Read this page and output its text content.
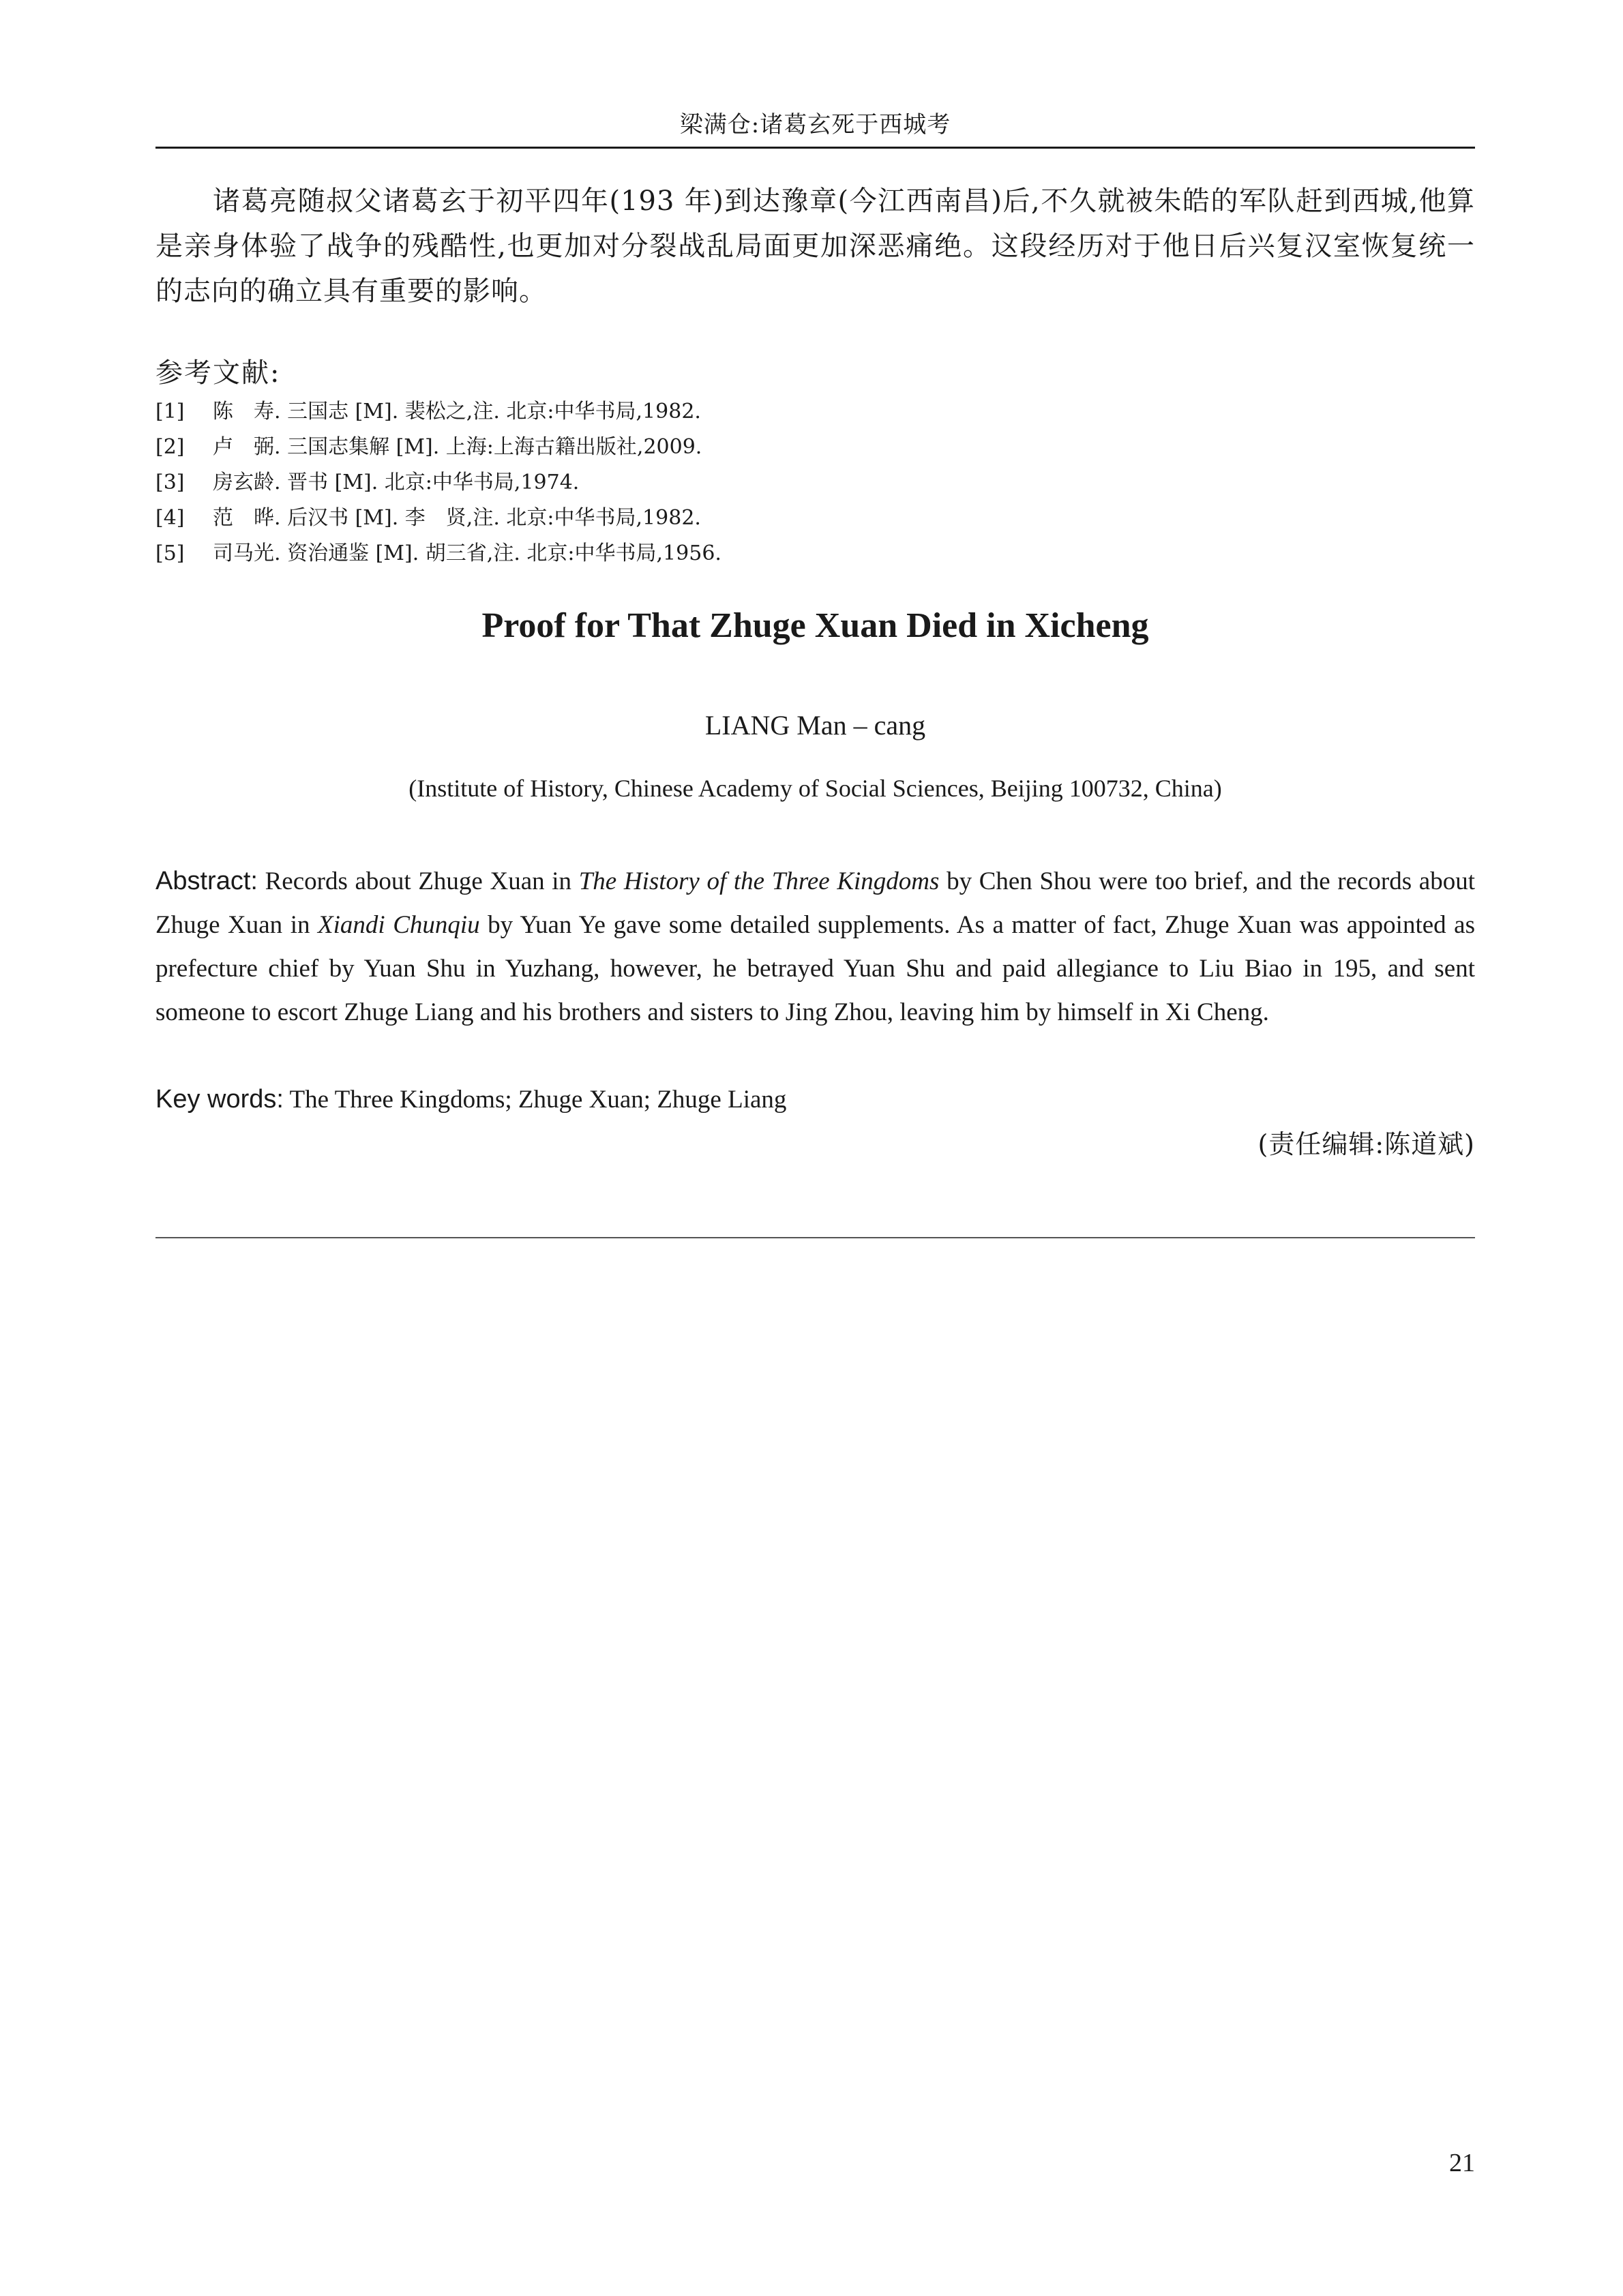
梁满仓:诸葛玄死于西城考

诸葛亮随叔父诸葛玄于初平四年(193 年)到达豫章(今江西南昌)后,不久就被朱皓的军队赶到西城,他算是亲身体验了战争的残酷性,也更加对分裂战乱局面更加深恶痛绝。这段经历对于他日后兴复汉室恢复统一的志向的确立具有重要的影响。

参考文献:
[1] 陈　寿. 三国志 [M]. 裴松之,注. 北京:中华书局,1982.
[2] 卢　弼. 三国志集解 [M]. 上海:上海古籍出版社,2009.
[3] 房玄龄. 晋书 [M]. 北京:中华书局,1974.
[4] 范　晔. 后汉书 [M]. 李　贤,注. 北京:中华书局,1982.
[5] 司马光. 资治通鉴 [M]. 胡三省,注. 北京:中华书局,1956.
Proof for That Zhuge Xuan Died in Xicheng
LIANG Man – cang
(Institute of History, Chinese Academy of Social Sciences, Beijing 100732, China)

Abstract: Records about Zhuge Xuan in The History of the Three Kingdoms by Chen Shou were too brief, and the records about Zhuge Xuan in Xiandi Chunqiu by Yuan Ye gave some detailed supplements. As a matter of fact, Zhuge Xuan was appointed as prefecture chief by Yuan Shu in Yuzhang, however, he betrayed Yuan Shu and paid allegiance to Liu Biao in 195, and sent someone to escort Zhuge Liang and his brothers and sisters to Jing Zhou, leaving him by himself in Xi Cheng.

Key words: The Three Kingdoms; Zhuge Xuan; Zhuge Liang
(责任编辑:陈道斌)
21
